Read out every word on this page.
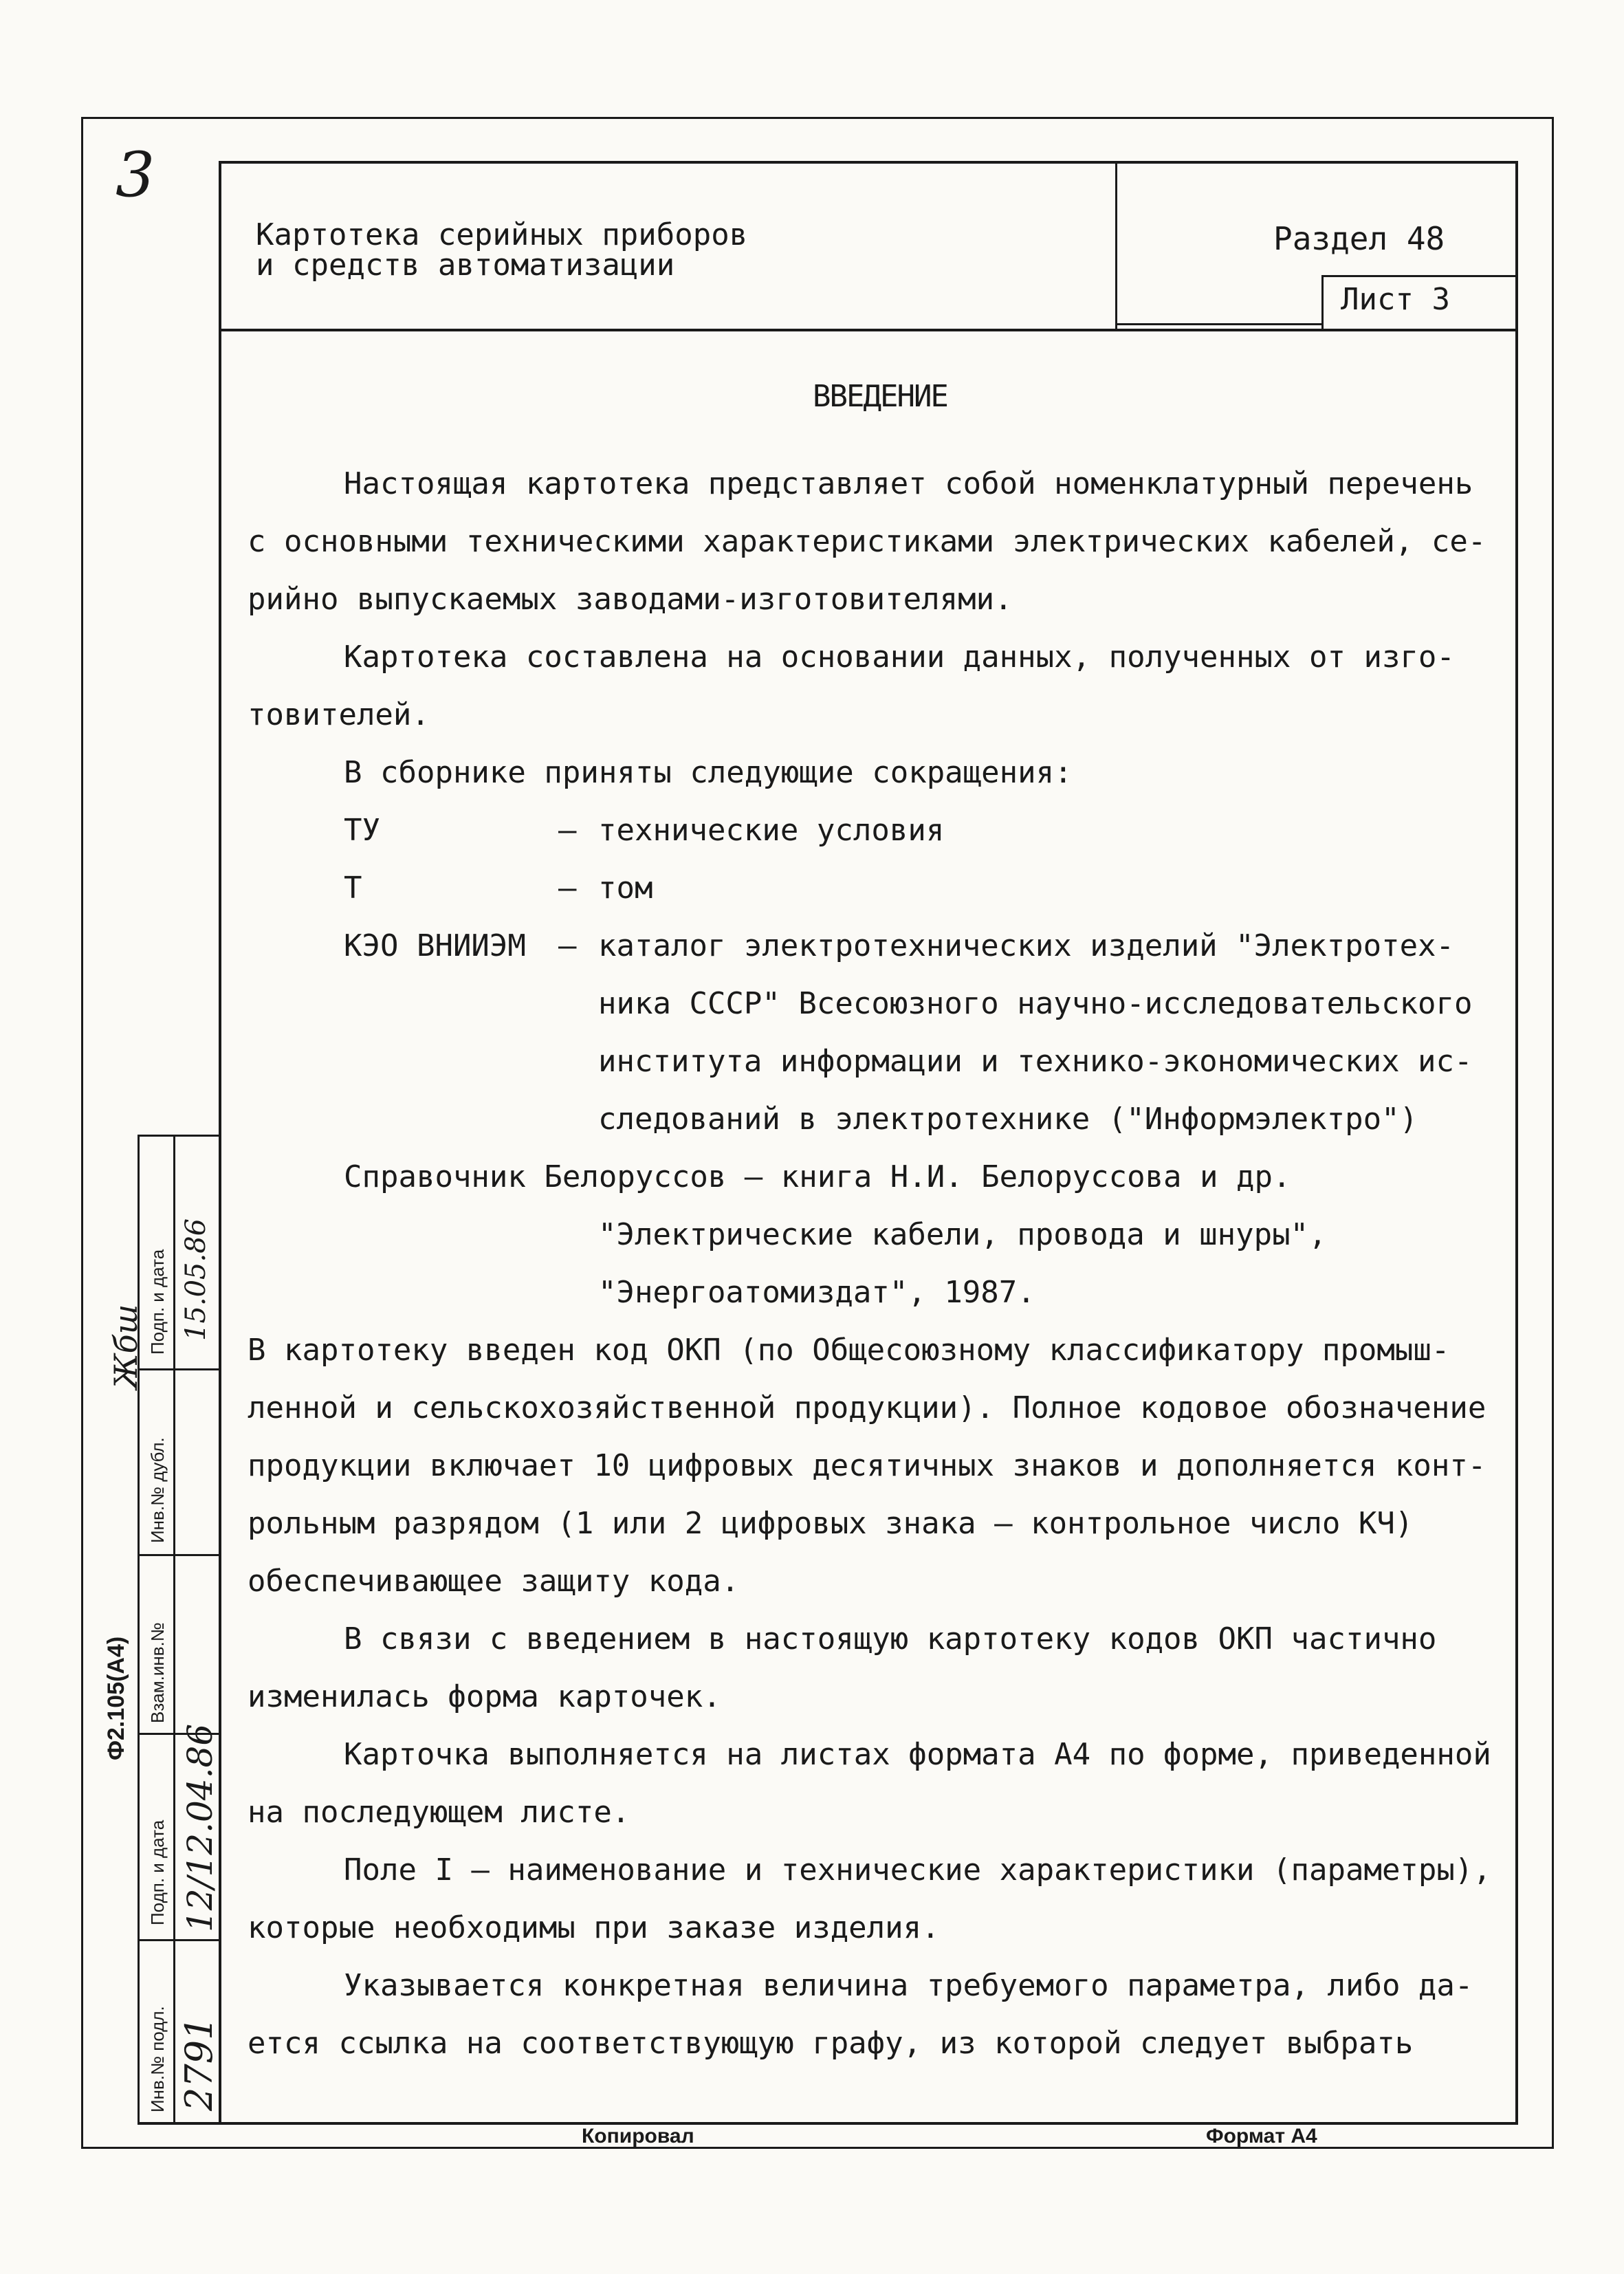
3
Картотека серийных приборов
и средств автоматизации
Раздел 48
Лист 3
ВВЕДЕНИЕ
Настоящая картотека представляет собой номенклатурный перечень
с основными техническими характеристиками электрических кабелей, се-
рийно выпускаемых заводами-изготовителями.
Картотека составлена на основании данных, полученных от изго-
товителей.
В сборнике приняты следующие сокращения:
ТУ	– технические условия
Т	– том
КЭО ВНИИЭМ – каталог электротехнических изделий "Электротех-
ника СССР" Всесоюзного научно-исследовательского
института информации и технико-экономических ис-
следований в электротехнике ("Информэлектро")
Справочник Белоруссов – книга Н.И. Белоруссова и др.
"Электрические кабели, провода и шнуры",
"Энергоатомиздат", 1987.
В картотеку введен код ОКП (по Общесоюзному классификатору промыш-
ленной и сельскохозяйственной продукции). Полное кодовое обозначение
продукции включает 10 цифровых десятичных знаков и дополняется конт-
рольным разрядом (1 или 2 цифровых знака – контрольное число КЧ)
обеспечивающее защиту кода.
В связи с введением в настоящую картотеку кодов ОКП частично
изменилась форма карточек.
Карточка выполняется на листах формата А4 по форме, приведенной
на последующем листе.
Поле I – наименование и технические характеристики (параметры),
которые необходимы при заказе изделия.
Указывается конкретная величина требуемого параметра, либо да-
ется ссылка на соответствующую графу, из которой следует выбрать
Инв.№ подл.
Подп. и дата
Взам.инв.№
Инв.№ дубл.
Подп. и дата
2791
12/12.04.86
15.05.86
Ф2.105(А4)
Жбш
Копировал	Формат А4
